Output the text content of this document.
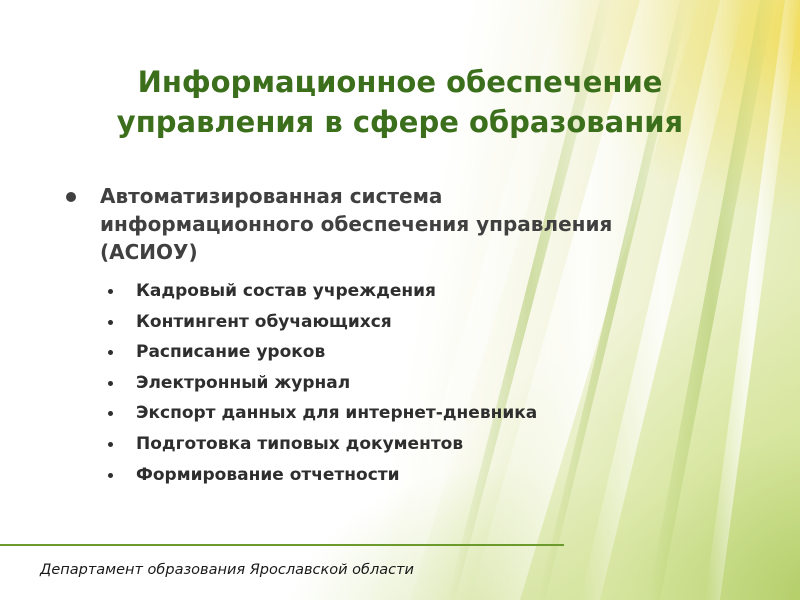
Информационное обеспечение
управления в сфере образования
Автоматизированная система
информационного обеспечения управления
(АСИОУ)
Кадровый состав учреждения
Контингент обучающихся
Расписание уроков
Электронный журнал
Экспорт данных для интернет-дневника
Подготовка типовых документов
Формирование отчетности
Департамент образования Ярославской области
